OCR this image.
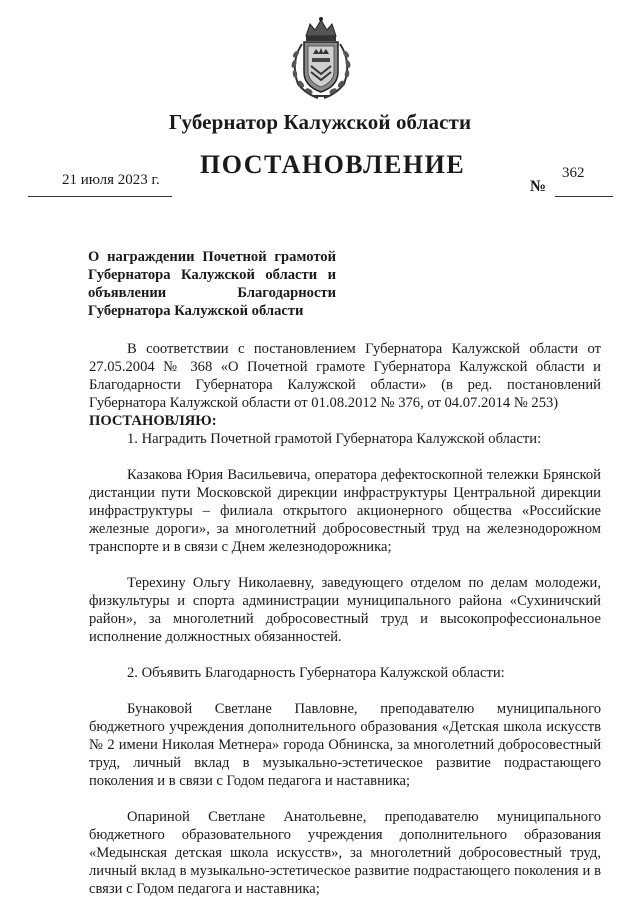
Губернатор Калужской области
ПОСТАНОВЛЕНИЕ
21 июля 2023 г.	№
362
О награждении Почетной грамотой Губернатора Калужской области и объявлении Благодарности Губернатора Калужской области

В соответствии с постановлением Губернатора Калужской области от 27.05.2004 № 368 «О Почетной грамоте Губернатора Калужской области и Благодарности Губернатора Калужской области» (в ред. постановлений Губернатора Калужской области от 01.08.2012 № 376, от 04.07.2014 № 253)

ПОСТАНОВЛЯЮ:

1. Наградить Почетной грамотой Губернатора Калужской области:

Казакова Юрия Васильевича, оператора дефектоскопной тележки Брянской дистанции пути Московской дирекции инфраструктуры Центральной дирекции инфраструктуры – филиала открытого акционерного общества «Российские железные дороги», за многолетний добросовестный труд на железнодорожном транспорте и в связи с Днем железнодорожника;

Терехину Ольгу Николаевну, заведующего отделом по делам молодежи, физкультуры и спорта администрации муниципального района «Сухиничский район», за многолетний добросовестный труд и высокопрофессиональное исполнение должностных обязанностей.

2. Объявить Благодарность Губернатора Калужской области:

Бунаковой Светлане Павловне, преподавателю муниципального бюджетного учреждения дополнительного образования «Детская школа искусств № 2 имени Николая Метнера» города Обнинска, за многолетний добросовестный труд, личный вклад в музыкально-эстетическое развитие подрастающего поколения и в связи с Годом педагога и наставника;

Опариной Светлане Анатольевне, преподавателю муниципального бюджетного образовательного учреждения дополнительного образования «Медынская детская школа искусств», за многолетний добросовестный труд, личный вклад в музыкально-эстетическое развитие подрастающего поколения и в связи с Годом педагога и наставника;
